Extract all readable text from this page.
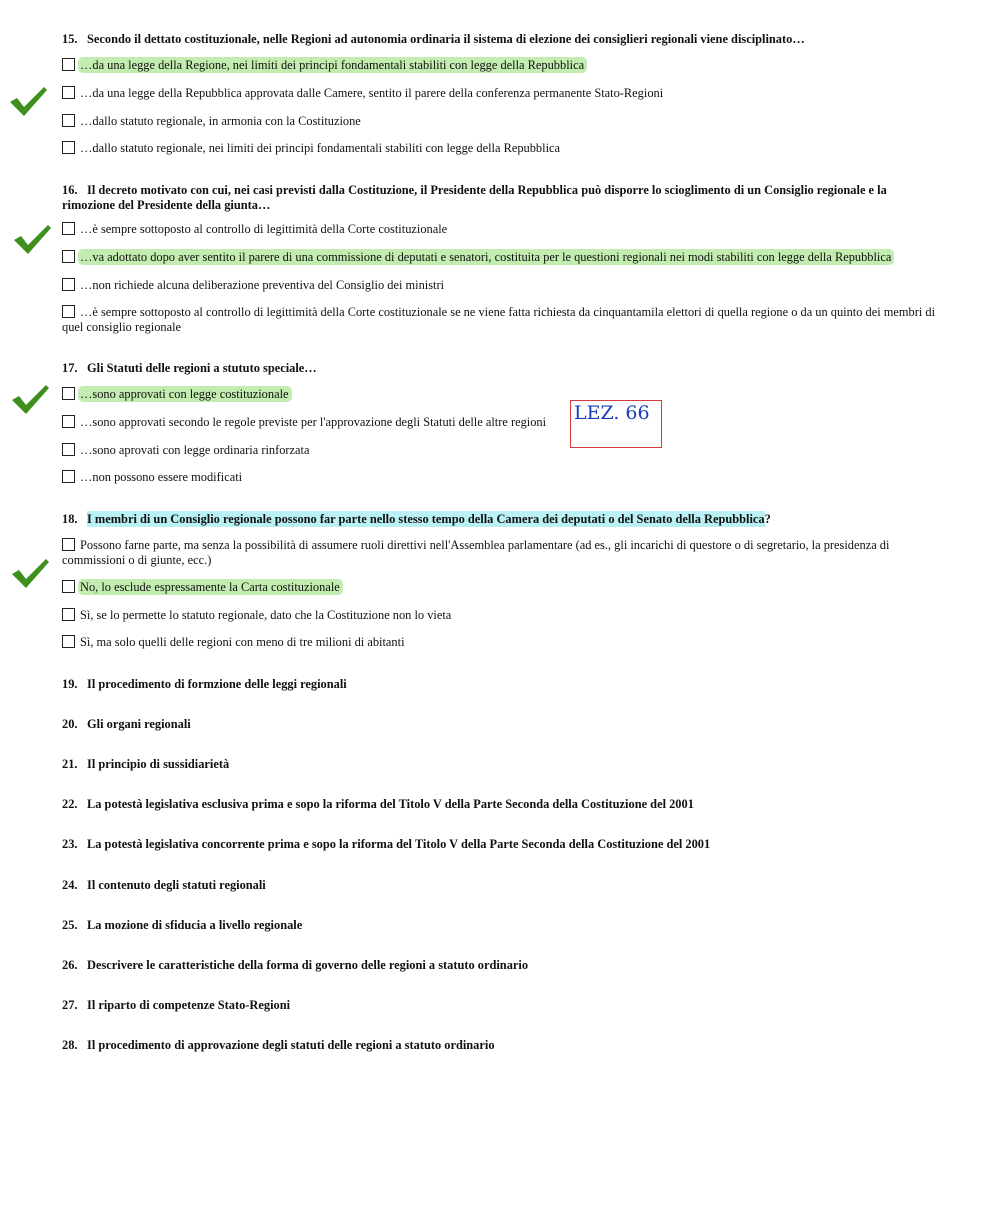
15. Secondo il dettato costituzionale, nelle Regioni ad autonomia ordinaria il sistema di elezione dei consiglieri regionali viene disciplinato…
…da una legge della Regione, nei limiti dei principi fondamentali stabiliti con legge della Repubblica
…da una legge della Repubblica approvata dalle Camere, sentito il parere della conferenza permanente Stato-Regioni
…dallo statuto regionale, in armonia con la Costituzione
…dallo statuto regionale, nei limiti dei principi fondamentali stabiliti con legge della Repubblica
16. Il decreto motivato con cui, nei casi previsti dalla Costituzione, il Presidente della Repubblica può disporre lo scioglimento di un Consiglio regionale e la rimozione del Presidente della giunta…
…è sempre sottoposto al controllo di legittimità della Corte costituzionale
…va adottato dopo aver sentito il parere di una commissione di deputati e senatori, costituita per le questioni regionali nei modi stabiliti con legge della Repubblica
…non richiede alcuna deliberazione preventiva del Consiglio dei ministri
…è sempre sottoposto al controllo di legittimità della Corte costituzionale se ne viene fatta richiesta da cinquantamila elettori di quella regione o da un quinto dei membri di quel consiglio regionale
17. Gli Statuti delle regioni a stututo speciale…
…sono approvati con legge costituzionale
…sono approvati secondo le regole previste per l'approvazione degli Statuti delle altre regioni
…sono aprovati con legge ordinaria rinforzata
…non possono essere modificati
LEZ. 66
18. I membri di un Consiglio regionale possono far parte nello stesso tempo della Camera dei deputati o del Senato della Repubblica?
Possono farne parte, ma senza la possibilità di assumere ruoli direttivi nell'Assemblea parlamentare (ad es., gli incarichi di questore o di segretario, la presidenza di commissioni o di giunte, ecc.)
No, lo esclude espressamente la Carta costituzionale
Sì, se lo permette lo statuto regionale, dato che la Costituzione non lo vieta
Sì, ma solo quelli delle regioni con meno di tre milioni di abitanti
19. Il procedimento di formzione delle leggi regionali
20. Gli organi regionali
21. Il principio di sussidiarietà
22. La potestà legislativa esclusiva prima e sopo la riforma del Titolo V della Parte Seconda della Costituzione del 2001
23. La potestà legislativa concorrente prima e sopo la riforma del Titolo V della Parte Seconda della Costituzione del 2001
24. Il contenuto degli statuti regionali
25. La mozione di sfiducia a livello regionale
26. Descrivere le caratteristiche della forma di governo delle regioni a statuto ordinario
27. Il riparto di competenze Stato-Regioni
28. Il procedimento di approvazione degli statuti delle regioni a statuto ordinario
